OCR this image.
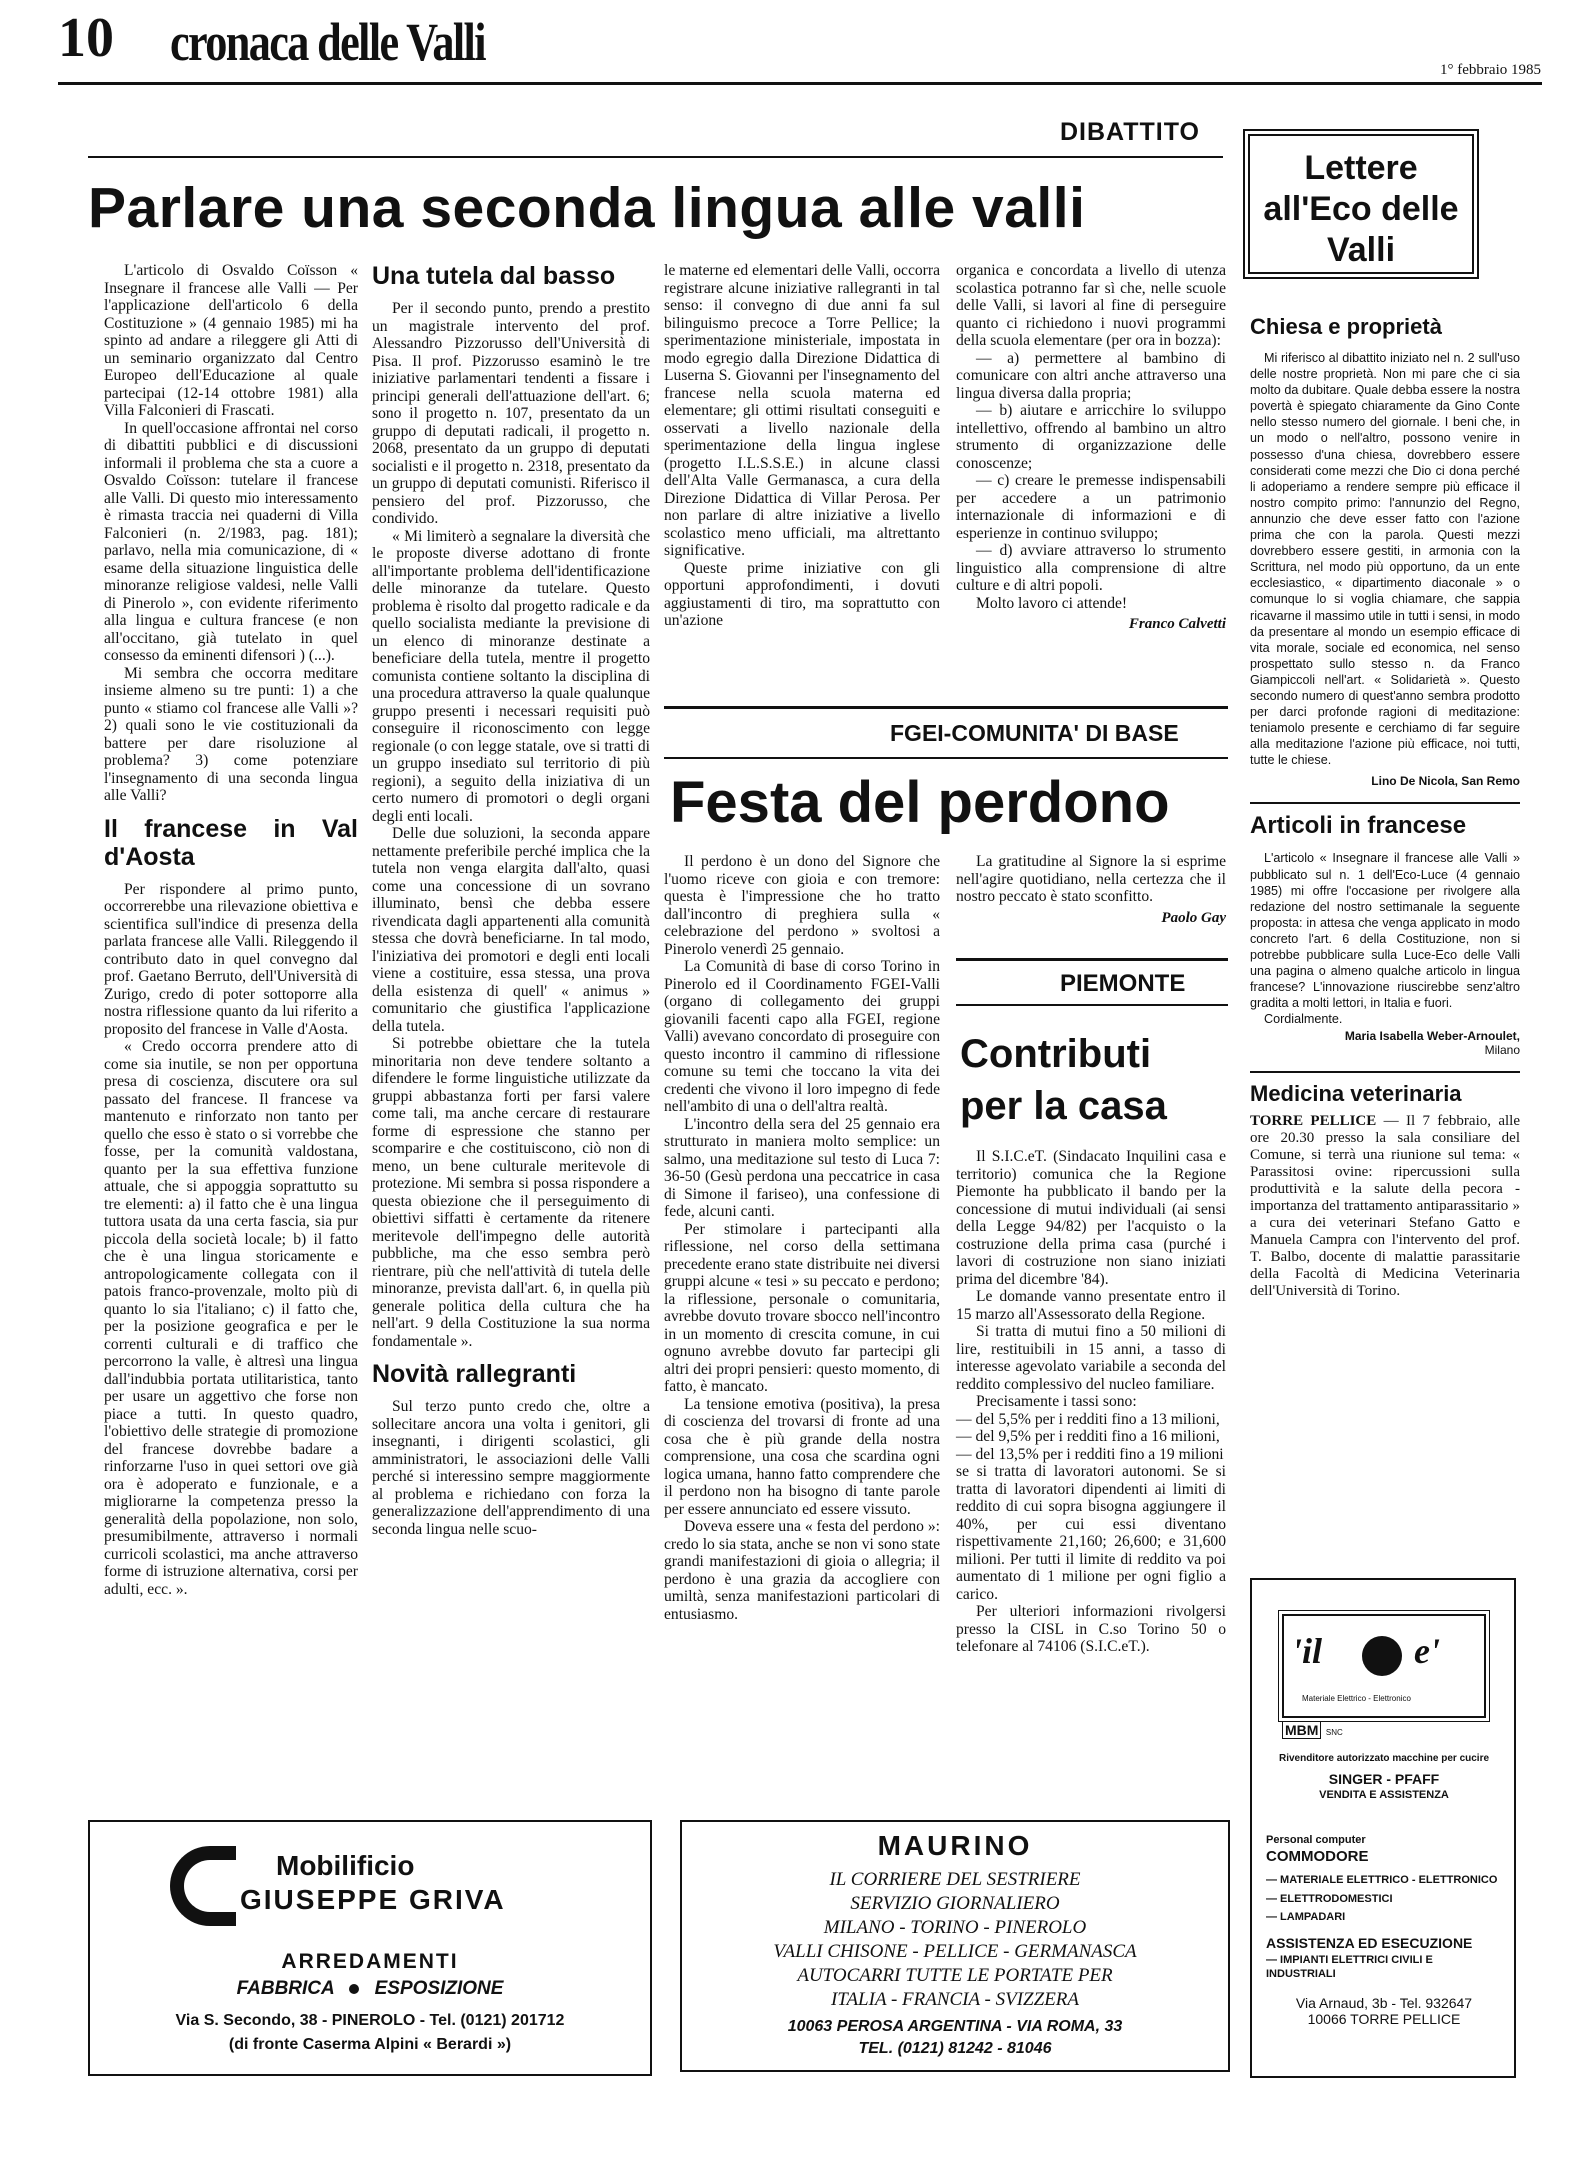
10 cronaca delle Valli	1° febbraio 1985
DIBATTITO
Parlare una seconda lingua alle valli

L'articolo di Osvaldo Coïsson « Insegnare il francese alle Valli — Per l'applicazione dell'articolo 6 della Costituzione » (4 gennaio 1985) mi ha spinto ad andare a rileggere gli Atti di un seminario organizzato dal Centro Europeo dell'Educazione al quale partecipai (12-14 ottobre 1981) alla Villa Falconieri di Frascati.

In quell'occasione affrontai nel corso di dibattiti pubblici e di discussioni informali il problema che sta a cuore a Osvaldo Coïsson: tutelare il francese alle Valli. Di questo mio interessamento è rimasta traccia nei quaderni di Villa Falconieri (n. 2/1983, pag. 181); parlavo, nella mia comunicazione, di « esame della situazione linguistica delle minoranze religiose valdesi, nelle Valli di Pinerolo », con evidente riferimento alla lingua e cultura francese (e non all'occitano, già tutelato in quel consesso da eminenti difensori ) (...).

Mi sembra che occorra meditare insieme almeno su tre punti: 1) a che punto « stiamo col francese alle Valli »? 2) quali sono le vie costituzionali da battere per dare risoluzione al problema? 3) come potenziare l'insegnamento di una seconda lingua alle Valli?

Il francese in Val d'Aosta

Per rispondere al primo punto, occorrerebbe una rilevazione obiettiva e scientifica sull'indice di presenza della parlata francese alle Valli. Rileggendo il contributo dato in quel convegno dal prof. Gaetano Berruto, dell'Università di Zurigo, credo di poter sottoporre alla nostra riflessione quanto da lui riferito a proposito del francese in Valle d'Aosta.

« Credo occorra prendere atto di come sia inutile, se non per opportuna presa di coscienza, discutere ora sul passato del francese. Il francese va mantenuto e rinforzato non tanto per quello che esso è stato o si vorrebbe che fosse, per la comunità valdostana, quanto per la sua effettiva funzione attuale, che si appoggia soprattutto su tre elementi: a) il fatto che è una lingua tuttora usata da una certa fascia, sia pur piccola della società locale; b) il fatto che è una lingua storicamente e antropologicamente collegata con il patois franco-provenzale, molto più di quanto lo sia l'italiano; c) il fatto che, per la posizione geografica e per le correnti culturali e di traffico che percorrono la valle, è altresì una lingua dall'indubbia portata utilitaristica, tanto per usare un aggettivo che forse non piace a tutti. In questo quadro, l'obiettivo delle strategie di promozione del francese dovrebbe badare a rinforzarne l'uso in quei settori ove già ora è adoperato e funzionale, e a migliorarne la competenza presso la generalità della popolazione, non solo, presumibilmente, attraverso i normali curricoli scolastici, ma anche attraverso forme di istruzione alternativa, corsi per adulti, ecc. ».

Una tutela dal basso

Per il secondo punto, prendo a prestito un magistrale intervento del prof. Alessandro Pizzorusso dell'Università di Pisa. Il prof. Pizzorusso esaminò le tre iniziative parlamentari tendenti a fissare i principi generali dell'attuazione dell'art. 6; sono il progetto n. 107, presentato da un gruppo di deputati radicali, il progetto n. 2068, presentato da un gruppo di deputati socialisti e il progetto n. 2318, presentato da un gruppo di deputati comunisti. Riferisco il pensiero del prof. Pizzorusso, che condivido.

« Mi limiterò a segnalare la diversità che le proposte diverse adottano di fronte all'importante problema dell'identificazione delle minoranze da tutelare. Questo problema è risolto dal progetto radicale e da quello socialista mediante la previsione di un elenco di minoranze destinate a beneficiare della tutela, mentre il progetto comunista contiene soltanto la disciplina di una procedura attraverso la quale qualunque gruppo presenti i necessari requisiti può conseguire il riconoscimento con legge regionale (o con legge statale, ove si tratti di un gruppo insediato sul territorio di più regioni), a seguito della iniziativa di un certo numero di promotori o degli organi degli enti locali.

Delle due soluzioni, la seconda appare nettamente preferibile perché implica che la tutela non venga elargita dall'alto, quasi come una concessione di un sovrano illuminato, bensì che debba essere rivendicata dagli appartenenti alla comunità stessa che dovrà beneficiarne. In tal modo, l'iniziativa dei promotori e degli enti locali viene a costituire, essa stessa, una prova della esistenza di quell' « animus » comunitario che giustifica l'applicazione della tutela.

Si potrebbe obiettare che la tutela minoritaria non deve tendere soltanto a difendere le forme linguistiche utilizzate da gruppi abbastanza forti per farsi valere come tali, ma anche cercare di restaurare forme di espressione che stanno per scomparire e che costituiscono, ciò non di meno, un bene culturale meritevole di protezione. Mi sembra si possa rispondere a questa obiezione che il perseguimento di obiettivi siffatti è certamente da ritenere meritevole dell'impegno delle autorità pubbliche, ma che esso sembra però rientrare, più che nell'attività di tutela delle minoranze, prevista dall'art. 6, in quella più generale politica della cultura che ha nell'art. 9 della Costituzione la sua norma fondamentale ».

Novità rallegranti

Sul terzo punto credo che, oltre a sollecitare ancora una volta i genitori, gli insegnanti, i dirigenti scolastici, gli amministratori, le associazioni delle Valli perché si interessino sempre maggiormente al problema e richiedano con forza la generalizzazione dell'apprendimento di una seconda lingua nelle scuo-

le materne ed elementari delle Valli, occorra registrare alcune iniziative rallegranti in tal senso: il convegno di due anni fa sul bilinguismo precoce a Torre Pellice; la sperimentazione ministeriale, impostata in modo egregio dalla Direzione Didattica di Luserna S. Giovanni per l'insegnamento del francese nella scuola materna ed elementare; gli ottimi risultati conseguiti e osservati a livello nazionale della sperimentazione della lingua inglese (progetto I.L.S.S.E.) in alcune classi dell'Alta Valle Germanasca, a cura della Direzione Didattica di Villar Perosa. Per non parlare di altre iniziative a livello scolastico meno ufficiali, ma altrettanto significative.

Queste prime iniziative con gli opportuni approfondimenti, i dovuti aggiustamenti di tiro, ma soprattutto con un'azione

organica e concordata a livello di utenza scolastica potranno far sì che, nelle scuole delle Valli, si lavori al fine di perseguire quanto ci richiedono i nuovi programmi della scuola elementare (per ora in bozza):

— a) permettere al bambino di comunicare con altri anche attraverso una lingua diversa dalla propria;

— b) aiutare e arricchire lo sviluppo intellettivo, offrendo al bambino un altro strumento di organizzazione delle conoscenze;

— c) creare le premesse indispensabili per accedere a un patrimonio internazionale di informazioni e di esperienze in continuo sviluppo;

— d) avviare attraverso lo strumento linguistico alla comprensione di altre culture e di altri popoli.

Molto lavoro ci attende!

Franco Calvetti
FGEI-COMUNITA' DI BASE
Festa del perdono

Il perdono è un dono del Signore che l'uomo riceve con gioia e con tremore: questa è l'impressione che ho tratto dall'incontro di preghiera sulla « celebrazione del perdono » svoltosi a Pinerolo venerdì 25 gennaio.

La Comunità di base di corso Torino in Pinerolo ed il Coordinamento FGEI-Valli (organo di collegamento dei gruppi giovanili facenti capo alla FGEI, regione Valli) avevano concordato di proseguire con questo incontro il cammino di riflessione comune su temi che toccano la vita dei credenti che vivono il loro impegno di fede nell'ambito di una o dell'altra realtà.

L'incontro della sera del 25 gennaio era strutturato in maniera molto semplice: un salmo, una meditazione sul testo di Luca 7: 36-50 (Gesù perdona una peccatrice in casa di Simone il fariseo), una confessione di fede, alcuni canti.

Per stimolare i partecipanti alla riflessione, nel corso della settimana precedente erano state distribuite nei diversi gruppi alcune « tesi » su peccato e perdono; la riflessione, personale o comunitaria, avrebbe dovuto trovare sbocco nell'incontro in un momento di crescita comune, in cui ognuno avrebbe dovuto far partecipi gli altri dei propri pensieri: questo momento, di fatto, è mancato.

La tensione emotiva (positiva), la presa di coscienza del trovarsi di fronte ad una cosa che è più grande della nostra comprensione, una cosa che scardina ogni logica umana, hanno fatto comprendere che il perdono non ha bisogno di tante parole per essere annunciato ed essere vissuto.

Doveva essere una « festa del perdono »: credo lo sia stata, anche se non vi sono state grandi manifestazioni di gioia o allegria; il perdono è una grazia da accogliere con umiltà, senza manifestazioni particolari di entusiasmo.

La gratitudine al Signore la si esprime nell'agire quotidiano, nella certezza che il nostro peccato è stato sconfitto.

Paolo Gay
PIEMONTE
Contributi
per la casa

Il S.I.C.eT. (Sindacato Inquilini casa e territorio) comunica che la Regione Piemonte ha pubblicato il bando per la concessione di mutui individuali (ai sensi della Legge 94/82) per l'acquisto o la costruzione della prima casa (purché i lavori di costruzione non siano iniziati prima del dicembre '84).

Le domande vanno presentate entro il 15 marzo all'Assessorato della Regione.

Si tratta di mutui fino a 50 milioni di lire, restituibili in 15 anni, a tasso di interesse agevolato variabile a seconda del reddito complessivo del nucleo familiare.

Precisamente i tassi sono:

— del 5,5% per i redditi fino a 13 milioni,

— del 9,5% per i redditi fino a 16 milioni,

— del 13,5% per i redditi fino a 19 milioni

se si tratta di lavoratori autonomi. Se si tratta di lavoratori dipendenti ai limiti di reddito di cui sopra bisogna aggiungere il 40%, per cui essi diventano rispettivamente 21,160; 26,600; e 31,600 milioni. Per tutti il limite di reddito va poi aumentato di 1 milione per ogni figlio a carico.

Per ulteriori informazioni rivolgersi presso la CISL in C.so Torino 50 o telefonare al 74106 (S.I.C.eT.).

Lettere all'Eco delle Valli
Chiesa e proprietà

Mi riferisco al dibattito iniziato nel n. 2 sull'uso delle nostre proprietà. Non mi pare che ci sia molto da dubitare. Quale debba essere la nostra povertà è spiegato chiaramente da Gino Conte nello stesso numero del giornale. I beni che, in un modo o nell'altro, possono venire in possesso d'una chiesa, dovrebbero essere considerati come mezzi che Dio ci dona perché li adoperiamo a rendere sempre più efficace il nostro compito primo: l'annunzio del Regno, annunzio che deve esser fatto con l'azione prima che con la parola. Questi mezzi dovrebbero essere gestiti, in armonia con la Scrittura, nel modo più opportuno, da un ente ecclesiastico, « dipartimento diaconale » o comunque lo si voglia chiamare, che sappia ricavarne il massimo utile in tutti i sensi, in modo da presentare al mondo un esempio efficace di vita morale, sociale ed economica, nel senso prospettato sullo stesso n. da Franco Giampiccoli nell'art. « Solidarietà ». Questo secondo numero di quest'anno sembra prodotto per darci profonde ragioni di meditazione: teniamolo presente e cerchiamo di far seguire alla meditazione l'azione più efficace, noi tutti, tutte le chiese.

Lino De Nicola, San Remo
Articoli in francese

L'articolo « Insegnare il francese alle Valli » pubblicato sul n. 1 dell'Eco-Luce (4 gennaio 1985) mi offre l'occasione per rivolgere alla redazione del nostro settimanale la seguente proposta: in attesa che venga applicato in modo concreto l'art. 6 della Costituzione, non si potrebbe pubblicare sulla Luce-Eco delle Valli una pagina o almeno qualche articolo in lingua francese? L'innovazione riuscirebbe senz'altro gradita a molti lettori, in Italia e fuori.

Cordialmente.

Maria Isabella Weber-Arnoulet,
Milano
Medicina veterinaria

TORRE PELLICE — Il 7 febbraio, alle ore 20.30 presso la sala consiliare del Comune, si terrà una riunione sul tema: « Parassitosi ovine: ripercussioni sulla produttività e la salute della pecora - importanza del trattamento antiparassitario » a cura dei veterinari Stefano Gatto e Manuela Campra con l'intervento del prof. T. Balbo, docente di malattie parassitarie della Facoltà di Medicina Veterinaria dell'Università di Torino.

'il	e'
Materiale Elettrico - Elettronico
MBM SNC
Rivenditore autorizzato macchine per cucire
SINGER - PFAFF
VENDITA E ASSISTENZA
Personal computer
COMMODORE
— MATERIALE ELETTRICO - ELETTRONICO
— ELETTRODOMESTICI
— LAMPADARI
ASSISTENZA ED ESECUZIONE
— IMPIANTI ELETTRICI CIVILI E INDUSTRIALI
Via Arnaud, 3b - Tel. 932647
10066 TORRE PELLICE
Mobilificio
GIUSEPPE GRIVA
ARREDAMENTI
FABBRICA ESPOSIZIONE
Via S. Secondo, 38 - PINEROLO - Tel. (0121) 201712
(di fronte Caserma Alpini « Berardi »)
MAURINO
IL CORRIERE DEL SESTRIERE
SERVIZIO GIORNALIERO
MILANO - TORINO - PINEROLO
VALLI CHISONE - PELLICE - GERMANASCA
AUTOCARRI TUTTE LE PORTATE PER
ITALIA - FRANCIA - SVIZZERA
10063 PEROSA ARGENTINA - VIA ROMA, 33
TEL. (0121) 81242 - 81046
